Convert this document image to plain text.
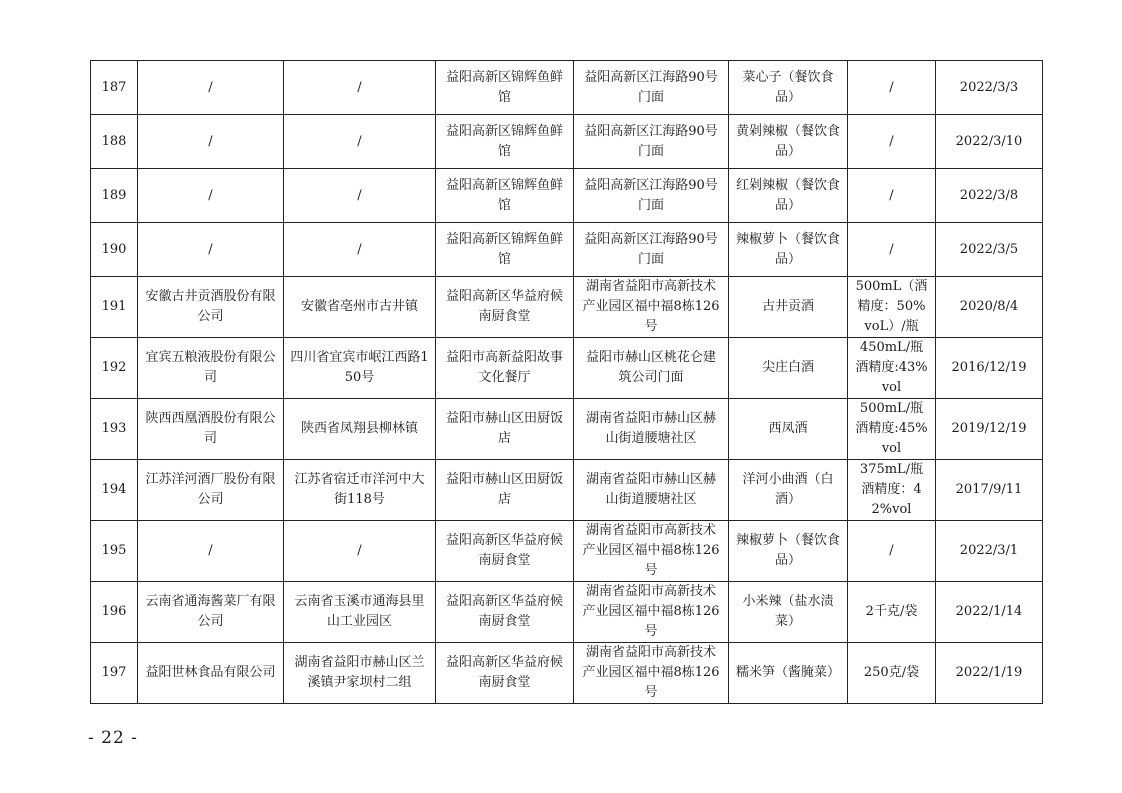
187	/	/	益阳高新区锦辉鱼鲜馆	益阳高新区江海路90号门面	菜心子（餐饮食品）	/	2022/3/3
188	/	/	益阳高新区锦辉鱼鲜馆	益阳高新区江海路90号门面	黄剁辣椒（餐饮食品）	/	2022/3/10
189	/	/	益阳高新区锦辉鱼鲜馆	益阳高新区江海路90号门面	红剁辣椒（餐饮食品）	/	2022/3/8
190	/	/	益阳高新区锦辉鱼鲜馆	益阳高新区江海路90号门面	辣椒萝卜（餐饮食品）	/	2022/3/5
191	安徽古井贡酒股份有限公司	安徽省亳州市古井镇	益阳高新区华益府候南厨食堂	湖南省益阳市高新技术产业园区福中福8栋126号	古井贡酒	500mL（酒精度：50%voL）/瓶	2020/8/4
192	宜宾五粮液股份有限公司	四川省宜宾市岷江西路150号	益阳市高新益阳故事文化餐厅	益阳市赫山区桃花仑建筑公司门面	尖庄白酒	450mL/瓶 酒精度:43%vol	2016/12/19
193	陕西西凰酒股份有限公司	陕西省凤翔县柳林镇	益阳市赫山区田厨饭店	湖南省益阳市赫山区赫山街道腰塘社区	西凤酒	500mL/瓶 酒精度:45%vol	2019/12/19
194	江苏洋河酒厂股份有限公司	江苏省宿迁市洋河中大街118号	益阳市赫山区田厨饭店	湖南省益阳市赫山区赫山街道腰塘社区	洋河小曲酒（白酒）	375mL/瓶酒精度：42%vol	2017/9/11
195	/	/	益阳高新区华益府候南厨食堂	湖南省益阳市高新技术产业园区福中福8栋126号	辣椒萝卜（餐饮食品）	/	2022/3/1
196	云南省通海酱菜厂有限公司	云南省玉溪市通海县里山工业园区	益阳高新区华益府候南厨食堂	湖南省益阳市高新技术产业园区福中福8栋126号	小米辣（盐水渍菜）	2千克/袋	2022/1/14
197	益阳世林食品有限公司	湖南省益阳市赫山区兰溪镇尹家坝村二组	益阳高新区华益府候南厨食堂	湖南省益阳市高新技术产业园区福中福8栋126号	糯米笋（酱腌菜）	250克/袋	2022/1/19
- 22 -
